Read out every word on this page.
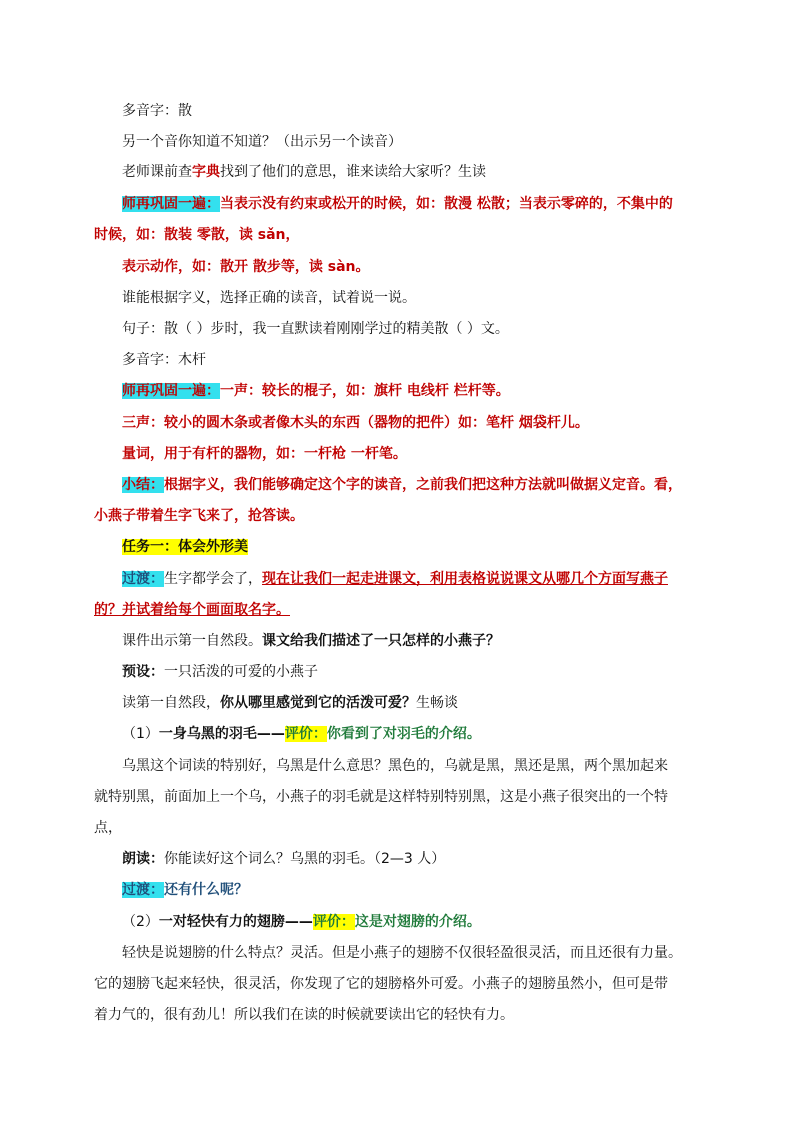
多音字：散
另一个音你知道不知道？（出示另一个读音）
老师课前查字典找到了他们的意思，谁来读给大家听？生读
师再巩固一遍：当表示没有约束或松开的时候，如：散漫 松散；当表示零碎的，不集中的
时候，如：散装 零散，读 sǎn，
表示动作，如：散开 散步等，读 sàn。
谁能根据字义，选择正确的读音，试着说一说。
句子：散（ ）步时，我一直默读着刚刚学过的精美散（ ）文。
多音字：木杆
师再巩固一遍：一声：较长的棍子，如：旗杆 电线杆 栏杆等。
三声：较小的圆木条或者像木头的东西（器物的把件）如：笔杆 烟袋杆儿。
量词，用于有杆的器物，如：一杆枪 一杆笔。
小结：根据字义，我们能够确定这个字的读音，之前我们把这种方法就叫做据义定音。看，
小燕子带着生字飞来了，抢答读。
任务一：体会外形美
过渡：生字都学会了，现在让我们一起走进课文，利用表格说说课文从哪几个方面写燕子
的？并试着给每个画面取名字。
课件出示第一自然段。课文给我们描述了一只怎样的小燕子？
预设：一只活泼的可爱的小燕子
读第一自然段，你从哪里感觉到它的活泼可爱？生畅谈
（1）一身乌黑的羽毛——评价：你看到了对羽毛的介绍。
乌黑这个词读的特别好，乌黑是什么意思？黑色的，乌就是黑，黑还是黑，两个黑加起来
就特别黑，前面加上一个乌，小燕子的羽毛就是这样特别特别黑，这是小燕子很突出的一个特
点，
朗读：你能读好这个词么？乌黑的羽毛。（2—3 人）
过渡：还有什么呢？
（2）一对轻快有力的翅膀——评价：这是对翅膀的介绍。
轻快是说翅膀的什么特点？灵活。但是小燕子的翅膀不仅很轻盈很灵活，而且还很有力量。
它的翅膀飞起来轻快，很灵活，你发现了它的翅膀格外可爱。小燕子的翅膀虽然小，但可是带
着力气的，很有劲儿！所以我们在读的时候就要读出它的轻快有力。
